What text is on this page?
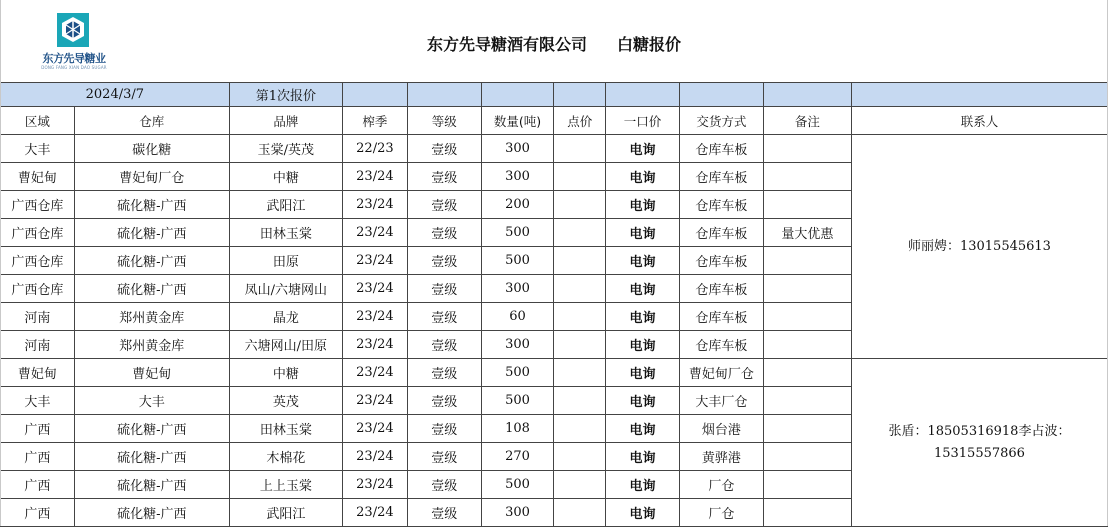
东方先导糖业
DONG FANG XIAN DAO SUGAR
东方先导糖酒有限公司 白糖报价
2024/3/7		第1次报价								
区域	仓库	品牌	榨季	等级	数量(吨)	点价	一口价	交货方式	备注	联系人
大丰	碳化糖	玉棠/英茂	22/23	壹级	300		电询	仓库车板		师丽娉：13015545613
曹妃甸	曹妃甸厂仓	中糖	23/24	壹级	300		电询	仓库车板		
广西仓库	硫化糖-广西	武阳江	23/24	壹级	200		电询	仓库车板		
广西仓库	硫化糖-广西	田林玉棠	23/24	壹级	500		电询	仓库车板	量大优惠	
广西仓库	硫化糖-广西	田原	23/24	壹级	500		电询	仓库车板		
广西仓库	硫化糖-广西	凤山/六塘网山	23/24	壹级	300		电询	仓库车板		
河南	郑州黄金库	晶龙	23/24	壹级	60		电询	仓库车板		
河南	郑州黄金库	六塘网山/田原	23/24	壹级	300		电询	仓库车板		
曹妃甸	曹妃甸	中糖	23/24	壹级	500		电询	曹妃甸厂仓		张盾：18505316918李占波：
15315557866

大丰	大丰	英茂	23/24	壹级	500		电询	大丰厂仓		
广西	硫化糖-广西	田林玉棠	23/24	壹级	108		电询	烟台港		
广西	硫化糖-广西	木棉花	23/24	壹级	270		电询	黄骅港		
广西	硫化糖-广西	上上玉棠	23/24	壹级	500		电询	厂仓		
广西	硫化糖-广西	武阳江	23/24	壹级	300		电询	厂仓		
